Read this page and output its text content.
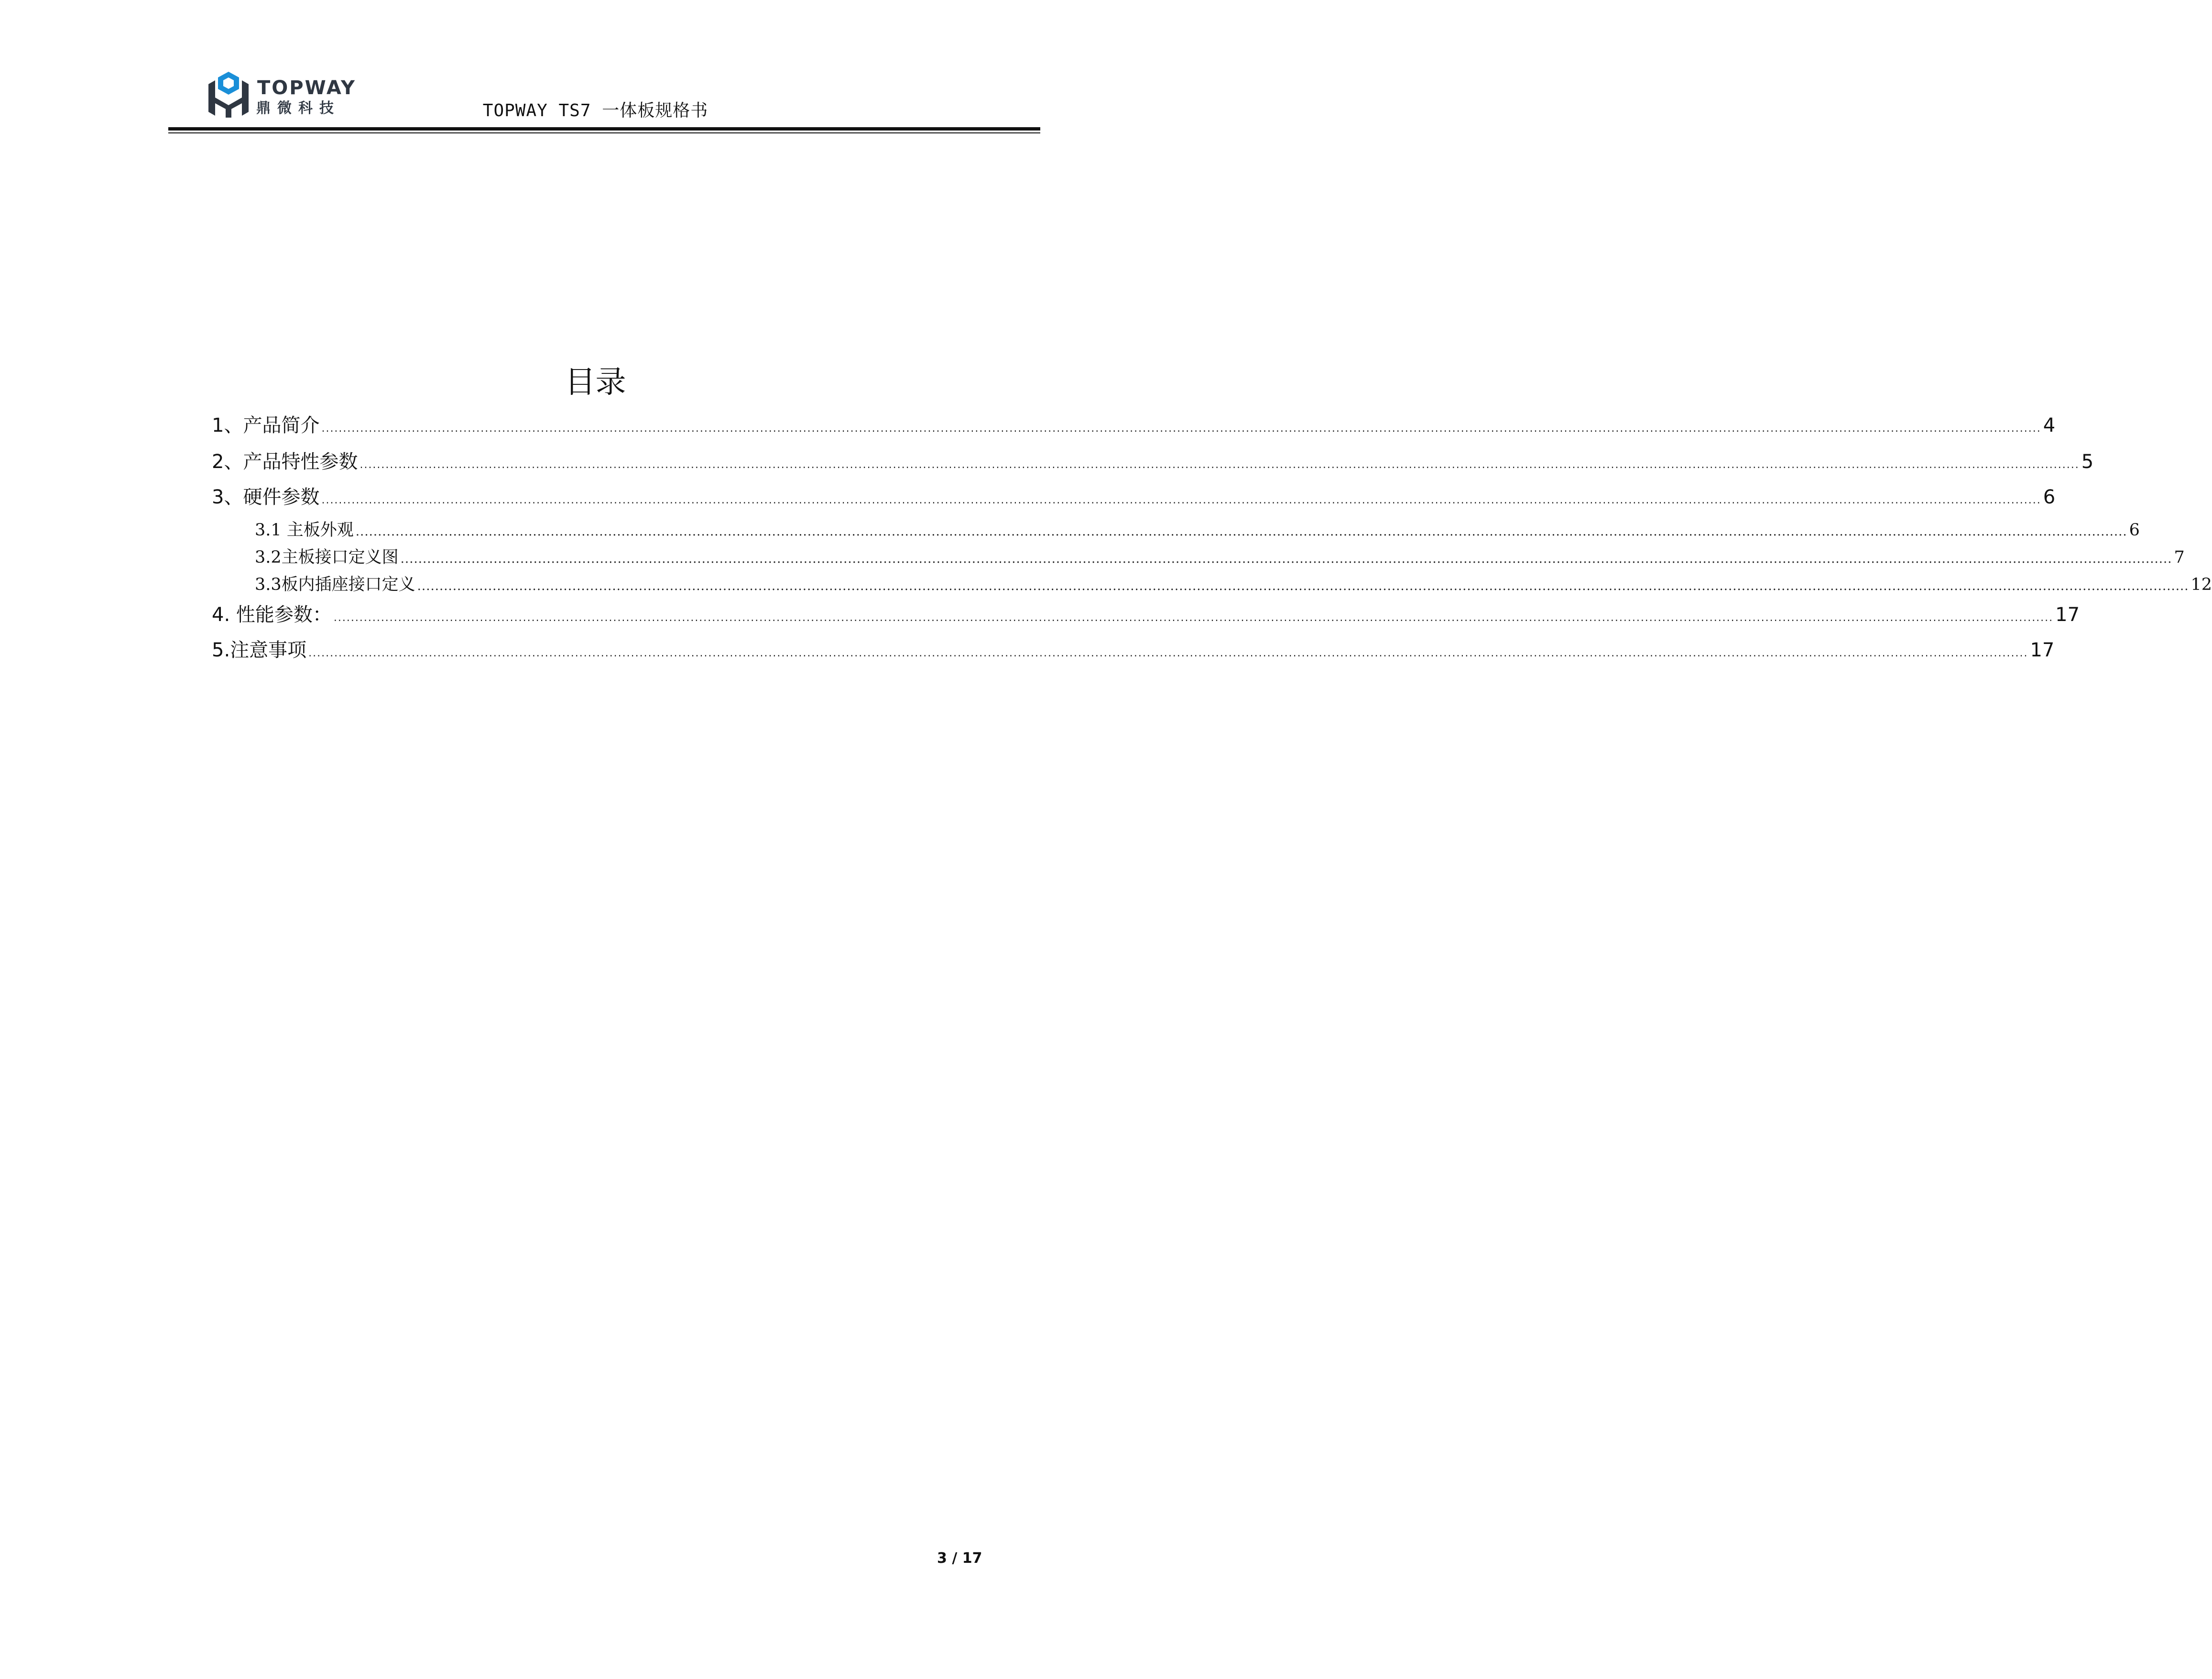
TOPWAY
鼎微科技	TOPWAY TS7 一体板规格书
目录
1、产品简介 ................................................................................................................................................................................................................................................................................................................................................................................................................ 4
2、产品特性参数 ................................................................................................................................................................................................................................................................................................................................................................................................................ 5
3、硬件参数 ................................................................................................................................................................................................................................................................................................................................................................................................................ 6
3.1 主板外观 ................................................................................................................................................................................................................................................................................................................................................................................................................ 6
3.2主板接口定义图 ................................................................................................................................................................................................................................................................................................................................................................................................................ 7
3.3板内插座接口定义 ................................................................................................................................................................................................................................................................................................................................................................................................................ 12
4. 性能参数： ................................................................................................................................................................................................................................................................................................................................................................................................................ 17
5.注意事项 ................................................................................................................................................................................................................................................................................................................................................................................................................ 17
3 / 17
